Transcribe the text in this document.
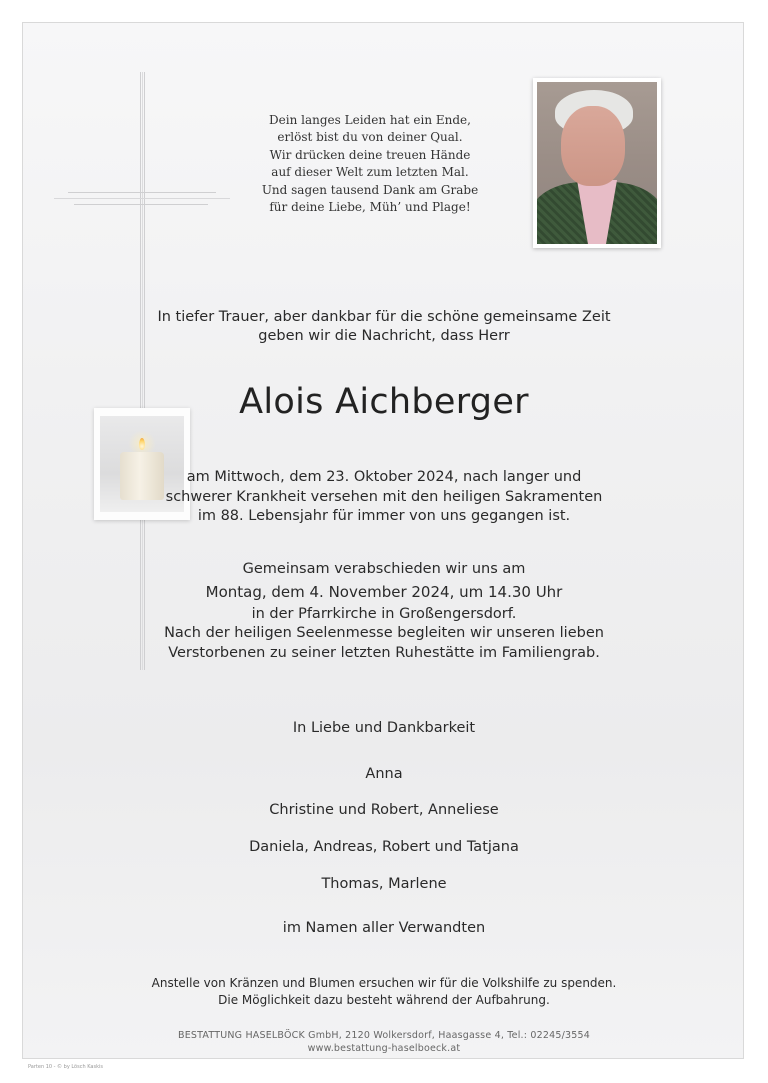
Dein langes Leiden hat ein Ende,
erlöst bist du von deiner Qual.
Wir drücken deine treuen Hände
auf dieser Welt zum letzten Mal.
Und sagen tausend Dank am Grabe
für deine Liebe, Müh’ und Plage!
In tiefer Trauer, aber dankbar für die schöne gemeinsame Zeit
geben wir die Nachricht, dass Herr
Alois Aichberger
am Mittwoch, dem 23. Oktober 2024, nach langer und
schwerer Krankheit versehen mit den heiligen Sakramenten
im 88. Lebensjahr für immer von uns gegangen ist.
Gemeinsam verabschieden wir uns am
Montag, dem 4. November 2024, um 14.30 Uhr
in der Pfarrkirche in Großengersdorf.
Nach der heiligen Seelenmesse begleiten wir unseren lieben
Verstorbenen zu seiner letzten Ruhestätte im Familiengrab.
In Liebe und Dankbarkeit
Anna
Christine und Robert, Anneliese
Daniela, Andreas, Robert und Tatjana
Thomas, Marlene
im Namen aller Verwandten
Anstelle von Kränzen und Blumen ersuchen wir für die Volkshilfe zu spenden.
Die Möglichkeit dazu besteht während der Aufbahrung.
BESTATTUNG HASELBÖCK GmbH, 2120 Wolkersdorf, Haasgasse 4, Tel.: 02245/3554
www.bestattung-haselboeck.at
Parten 10 - © by Lösch Kaskis
